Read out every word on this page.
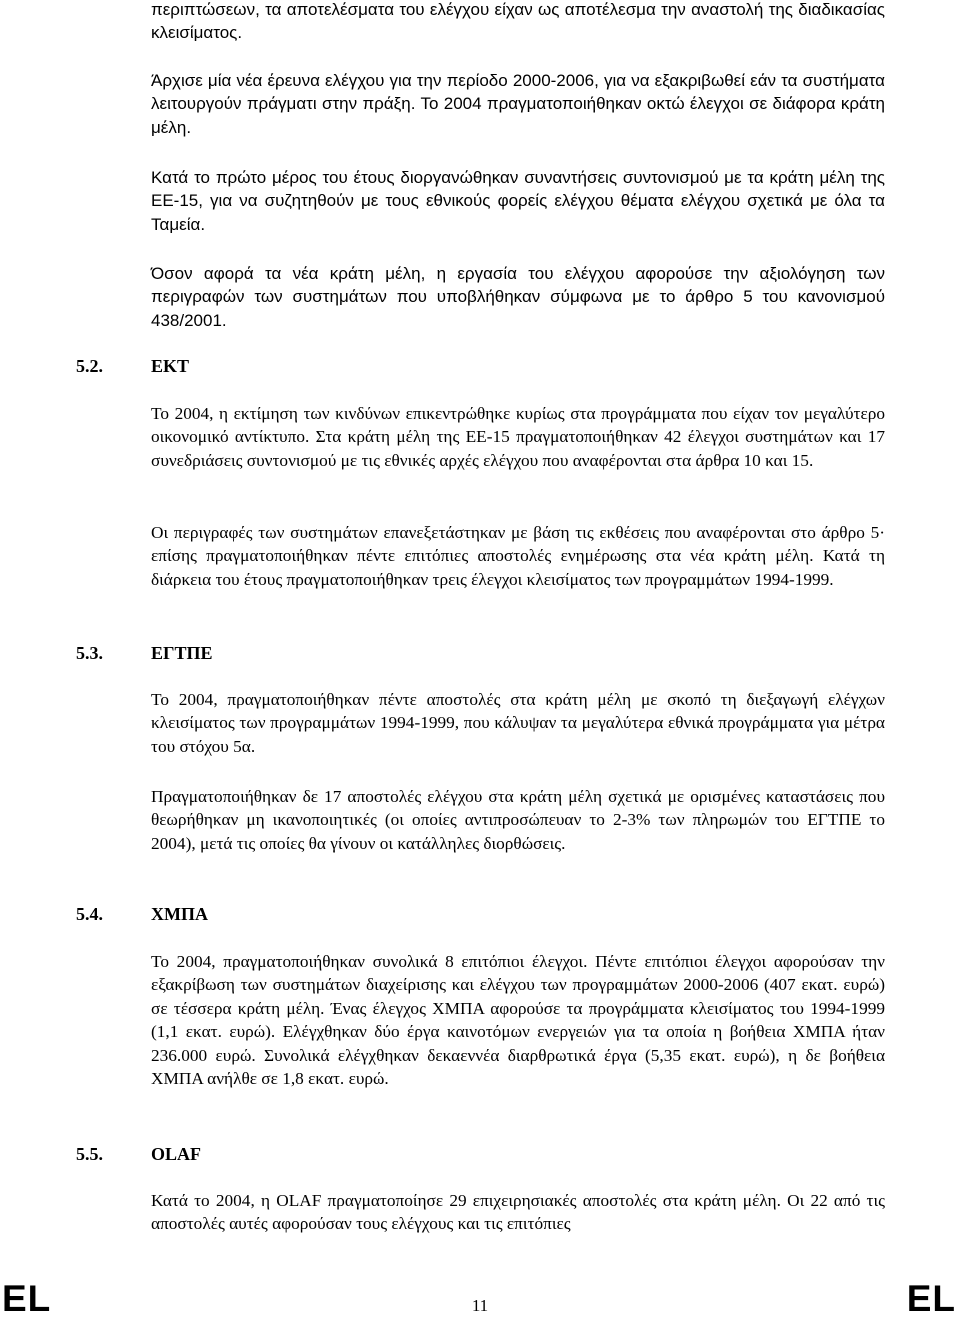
περιπτώσεων, τα αποτελέσματα του ελέγχου είχαν ως αποτέλεσμα την αναστολή της διαδικασίας κλεισίματος.

Άρχισε μία νέα έρευνα ελέγχου για την περίοδο 2000-2006, για να εξακριβωθεί εάν τα συστήματα λειτουργούν πράγματι στην πράξη. Το 2004 πραγματοποιήθηκαν οκτώ έλεγχοι σε διάφορα κράτη μέλη.

Κατά το πρώτο μέρος του έτους διοργανώθηκαν συναντήσεις συντονισμού με τα κράτη μέλη της ΕΕ-15, για να συζητηθούν με τους εθνικούς φορείς ελέγχου θέματα ελέγχου σχετικά με όλα τα Ταμεία.

Όσον αφορά τα νέα κράτη μέλη, η εργασία του ελέγχου αφορούσε την αξιολόγηση των περιγραφών των συστημάτων που υποβλήθηκαν σύμφωνα με το άρθρο 5 του κανονισμού 438/2001.

5.2.	ΕΚΤ

Το 2004, η εκτίμηση των κινδύνων επικεντρώθηκε κυρίως στα προγράμματα που είχαν τον μεγαλύτερο οικονομικό αντίκτυπο. Στα κράτη μέλη της ΕΕ-15 πραγματοποιήθηκαν 42 έλεγχοι συστημάτων και 17 συνεδριάσεις συντονισμού με τις εθνικές αρχές ελέγχου που αναφέρονται στα άρθρα 10 και 15.

Οι περιγραφές των συστημάτων επανεξετάστηκαν με βάση τις εκθέσεις που αναφέρονται στο άρθρο 5· επίσης πραγματοποιήθηκαν πέντε επιτόπιες αποστολές ενημέρωσης στα νέα κράτη μέλη. Κατά τη διάρκεια του έτους πραγματοποιήθηκαν τρεις έλεγχοι κλεισίματος των προγραμμάτων 1994-1999.

5.3.	ΕΓΤΠΕ

Το 2004, πραγματοποιήθηκαν πέντε αποστολές στα κράτη μέλη με σκοπό τη διεξαγωγή ελέγχων κλεισίματος των προγραμμάτων 1994-1999, που κάλυψαν τα μεγαλύτερα εθνικά προγράμματα για μέτρα του στόχου 5α.

Πραγματοποιήθηκαν δε 17 αποστολές ελέγχου στα κράτη μέλη σχετικά με ορισμένες καταστάσεις που θεωρήθηκαν μη ικανοποιητικές (οι οποίες αντιπροσώπευαν το 2-3% των πληρωμών του ΕΓΤΠΕ το 2004), μετά τις οποίες θα γίνουν οι κατάλληλες διορθώσεις.

5.4.	ΧΜΠΑ

Το 2004, πραγματοποιήθηκαν συνολικά 8 επιτόπιοι έλεγχοι. Πέντε επιτόπιοι έλεγχοι αφορούσαν την εξακρίβωση των συστημάτων διαχείρισης και ελέγχου των προγραμμάτων 2000-2006 (407 εκατ. ευρώ) σε τέσσερα κράτη μέλη. Ένας έλεγχος ΧΜΠΑ αφορούσε τα προγράμματα κλεισίματος του 1994-1999 (1,1 εκατ. ευρώ). Ελέγχθηκαν δύο έργα καινοτόμων ενεργειών για τα οποία η βοήθεια ΧΜΠΑ ήταν 236.000 ευρώ. Συνολικά ελέγχθηκαν δεκαεννέα διαρθρωτικά έργα (5,35 εκατ. ευρώ), η δε βοήθεια ΧΜΠΑ ανήλθε σε 1,8 εκατ. ευρώ.

5.5.	OLAF

Κατά το 2004, η OLAF πραγματοποίησε 29 επιχειρησιακές αποστολές στα κράτη μέλη. Οι 22 από τις αποστολές αυτές αφορούσαν τους ελέγχους και τις επιτόπιες

EL	11	EL
